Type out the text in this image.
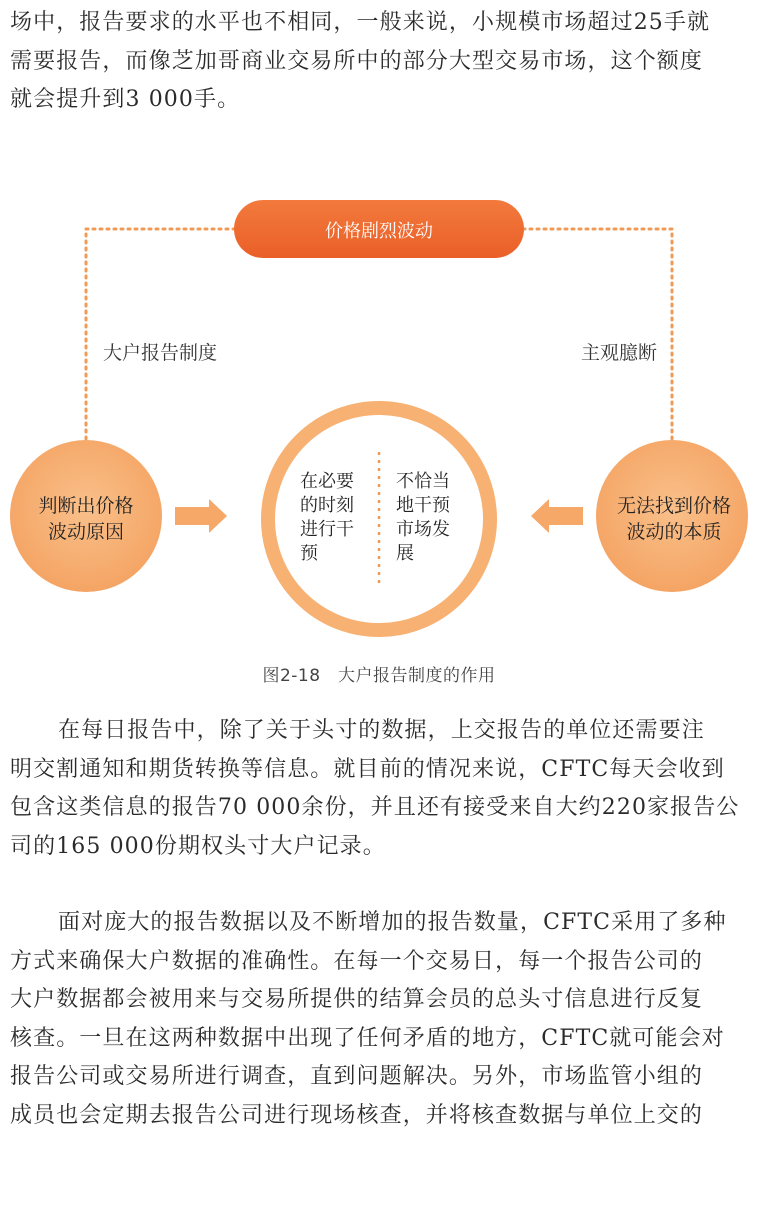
场中，报告要求的水平也不相同，一般来说，小规模市场超过25手就
需要报告，而像芝加哥商业交易所中的部分大型交易市场，这个额度
就会提升到3 000手。
价格剧烈波动
大户报告制度	主观臆断
判断出价格
波动原因
无法找到价格
波动的本质
在必要
的时刻
进行干
预
不恰当
地干预
市场发
展
图2-18　大户报告制度的作用
在每日报告中，除了关于头寸的数据，上交报告的单位还需要注
明交割通知和期货转换等信息。就目前的情况来说，CFTC每天会收到
包含这类信息的报告70 000余份，并且还有接受来自大约220家报告公
司的165 000份期权头寸大户记录。
面对庞大的报告数据以及不断增加的报告数量，CFTC采用了多种
方式来确保大户数据的准确性。在每一个交易日，每一个报告公司的
大户数据都会被用来与交易所提供的结算会员的总头寸信息进行反复
核查。一旦在这两种数据中出现了任何矛盾的地方，CFTC就可能会对
报告公司或交易所进行调查，直到问题解决。另外，市场监管小组的
成员也会定期去报告公司进行现场核查，并将核查数据与单位上交的
